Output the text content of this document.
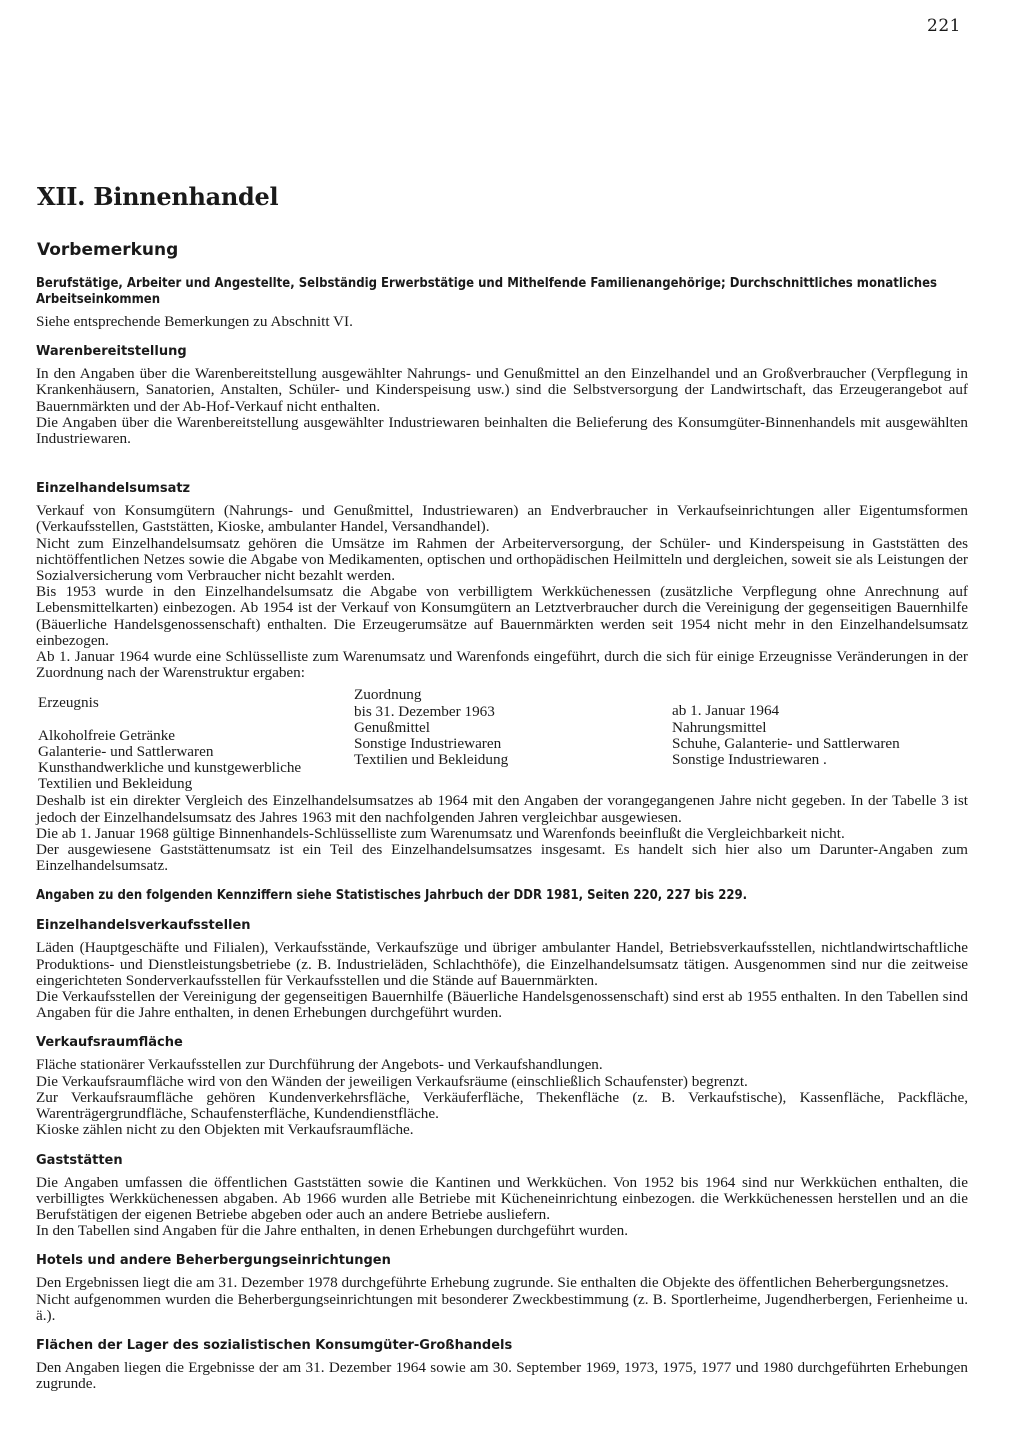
221
XII. Binnenhandel
Vorbemerkung

Berufstätige, Arbeiter und Angestellte, Selbständig Erwerbstätige und Mithelfende Familienangehörige; Durchschnittliches monatliches Arbeitseinkommen

Siehe entsprechende Bemerkungen zu Abschnitt VI.

Warenbereitstellung

In den Angaben über die Warenbereitstellung ausgewählter Nahrungs- und Genußmittel an den Einzelhandel und an Großverbraucher (Verpflegung in Krankenhäusern, Sanatorien, Anstalten, Schüler- und Kinderspeisung usw.) sind die Selbstversorgung der Landwirtschaft, das Erzeugerangebot auf Bauernmärkten und der Ab-Hof-Verkauf nicht enthalten.

Die Angaben über die Warenbereitstellung ausgewählter Industriewaren beinhalten die Belieferung des Konsumgüter-Binnenhandels mit ausgewählten Industriewaren.

Einzelhandelsumsatz

Verkauf von Konsumgütern (Nahrungs- und Genußmittel, Industriewaren) an Endverbraucher in Verkaufseinrichtungen aller Eigentumsformen (Verkaufsstellen, Gaststätten, Kioske, ambulanter Handel, Versandhandel).

Nicht zum Einzelhandelsumsatz gehören die Umsätze im Rahmen der Arbeiterversorgung, der Schüler- und Kinderspeisung in Gaststätten des nichtöffentlichen Netzes sowie die Abgabe von Medikamenten, optischen und orthopädischen Heilmitteln und dergleichen, soweit sie als Leistungen der Sozialversicherung vom Verbraucher nicht bezahlt werden.

Bis 1953 wurde in den Einzelhandelsumsatz die Abgabe von verbilligtem Werkküchenessen (zusätzliche Verpflegung ohne Anrechnung auf Lebensmittelkarten) einbezogen. Ab 1954 ist der Verkauf von Konsumgütern an Letztverbraucher durch die Vereinigung der gegenseitigen Bauernhilfe (Bäuerliche Handelsgenossenschaft) enthalten. Die Erzeugerumsätze auf Bauernmärkten werden seit 1954 nicht mehr in den Einzelhandelsumsatz einbezogen.

Ab 1. Januar 1964 wurde eine Schlüsselliste zum Warenumsatz und Warenfonds eingeführt, durch die sich für einige Erzeugnisse Veränderungen in der Zuordnung nach der Warenstruktur ergaben:

Erzeugnis
Alkoholfreie Getränke
Galanterie- und Sattlerwaren
Kunsthandwerkliche und kunstgewerbliche Textilien und Bekleidung
Zuordnung
bis 31. Dezember 1963
Genußmittel
Sonstige Industriewaren
Textilien und Bekleidung
ab 1. Januar 1964
Nahrungsmittel
Schuhe, Galanterie- und Sattlerwaren
Sonstige Industriewaren .

Deshalb ist ein direkter Vergleich des Einzelhandelsumsatzes ab 1964 mit den Angaben der vorangegangenen Jahre nicht gegeben. In der Tabelle 3 ist jedoch der Einzelhandelsumsatz des Jahres 1963 mit den nachfolgenden Jahren vergleichbar ausgewiesen.

Die ab 1. Januar 1968 gültige Binnenhandels-Schlüsselliste zum Warenumsatz und Warenfonds beeinflußt die Vergleichbarkeit nicht.

Der ausgewiesene Gaststättenumsatz ist ein Teil des Einzelhandelsumsatzes insgesamt. Es handelt sich hier also um Darunter-Angaben zum Einzelhandelsumsatz.

Angaben zu den folgenden Kennziffern siehe Statistisches Jahrbuch der DDR 1981, Seiten 220, 227 bis 229.

Einzelhandelsverkaufsstellen

Läden (Hauptgeschäfte und Filialen), Verkaufsstände, Verkaufszüge und übriger ambulanter Handel, Betriebsverkaufsstellen, nichtlandwirtschaftliche Produktions- und Dienstleistungsbetriebe (z. B. Industrieläden, Schlachthöfe), die Einzelhandelsumsatz tätigen. Ausgenommen sind nur die zeitweise eingerichteten Sonderverkaufsstellen für Verkaufsstellen und die Stände auf Bauernmärkten.

Die Verkaufsstellen der Vereinigung der gegenseitigen Bauernhilfe (Bäuerliche Handelsgenossenschaft) sind erst ab 1955 enthalten. In den Tabellen sind Angaben für die Jahre enthalten, in denen Erhebungen durchgeführt wurden.

Verkaufsraumfläche

Fläche stationärer Verkaufsstellen zur Durchführung der Angebots- und Verkaufshandlungen.

Die Verkaufsraumfläche wird von den Wänden der jeweiligen Verkaufsräume (einschließlich Schaufenster) begrenzt.

Zur Verkaufsraumfläche gehören Kundenverkehrsfläche, Verkäuferfläche, Thekenfläche (z. B. Verkaufstische), Kassenfläche, Packfläche, Warenträgergrundfläche, Schaufensterfläche, Kundendienstfläche.

Kioske zählen nicht zu den Objekten mit Verkaufsraumfläche.

Gaststätten

Die Angaben umfassen die öffentlichen Gaststätten sowie die Kantinen und Werkküchen. Von 1952 bis 1964 sind nur Werkküchen enthalten, die verbilligtes Werkküchenessen abgaben. Ab 1966 wurden alle Betriebe mit Kücheneinrichtung einbezogen. die Werkküchenessen herstellen und an die Berufstätigen der eigenen Betriebe abgeben oder auch an andere Betriebe ausliefern.

In den Tabellen sind Angaben für die Jahre enthalten, in denen Erhebungen durchgeführt wurden.

Hotels und andere Beherbergungseinrichtungen

Den Ergebnissen liegt die am 31. Dezember 1978 durchgeführte Erhebung zugrunde. Sie enthalten die Objekte des öffentlichen Beherbergungsnetzes.

Nicht aufgenommen wurden die Beherbergungseinrichtungen mit besonderer Zweckbestimmung (z. B. Sportlerheime, Jugendherbergen, Ferienheime u. ä.).

Flächen der Lager des sozialistischen Konsumgüter-Großhandels

Den Angaben liegen die Ergebnisse der am 31. Dezember 1964 sowie am 30. September 1969, 1973, 1975, 1977 und 1980 durchgeführten Erhebungen zugrunde.
